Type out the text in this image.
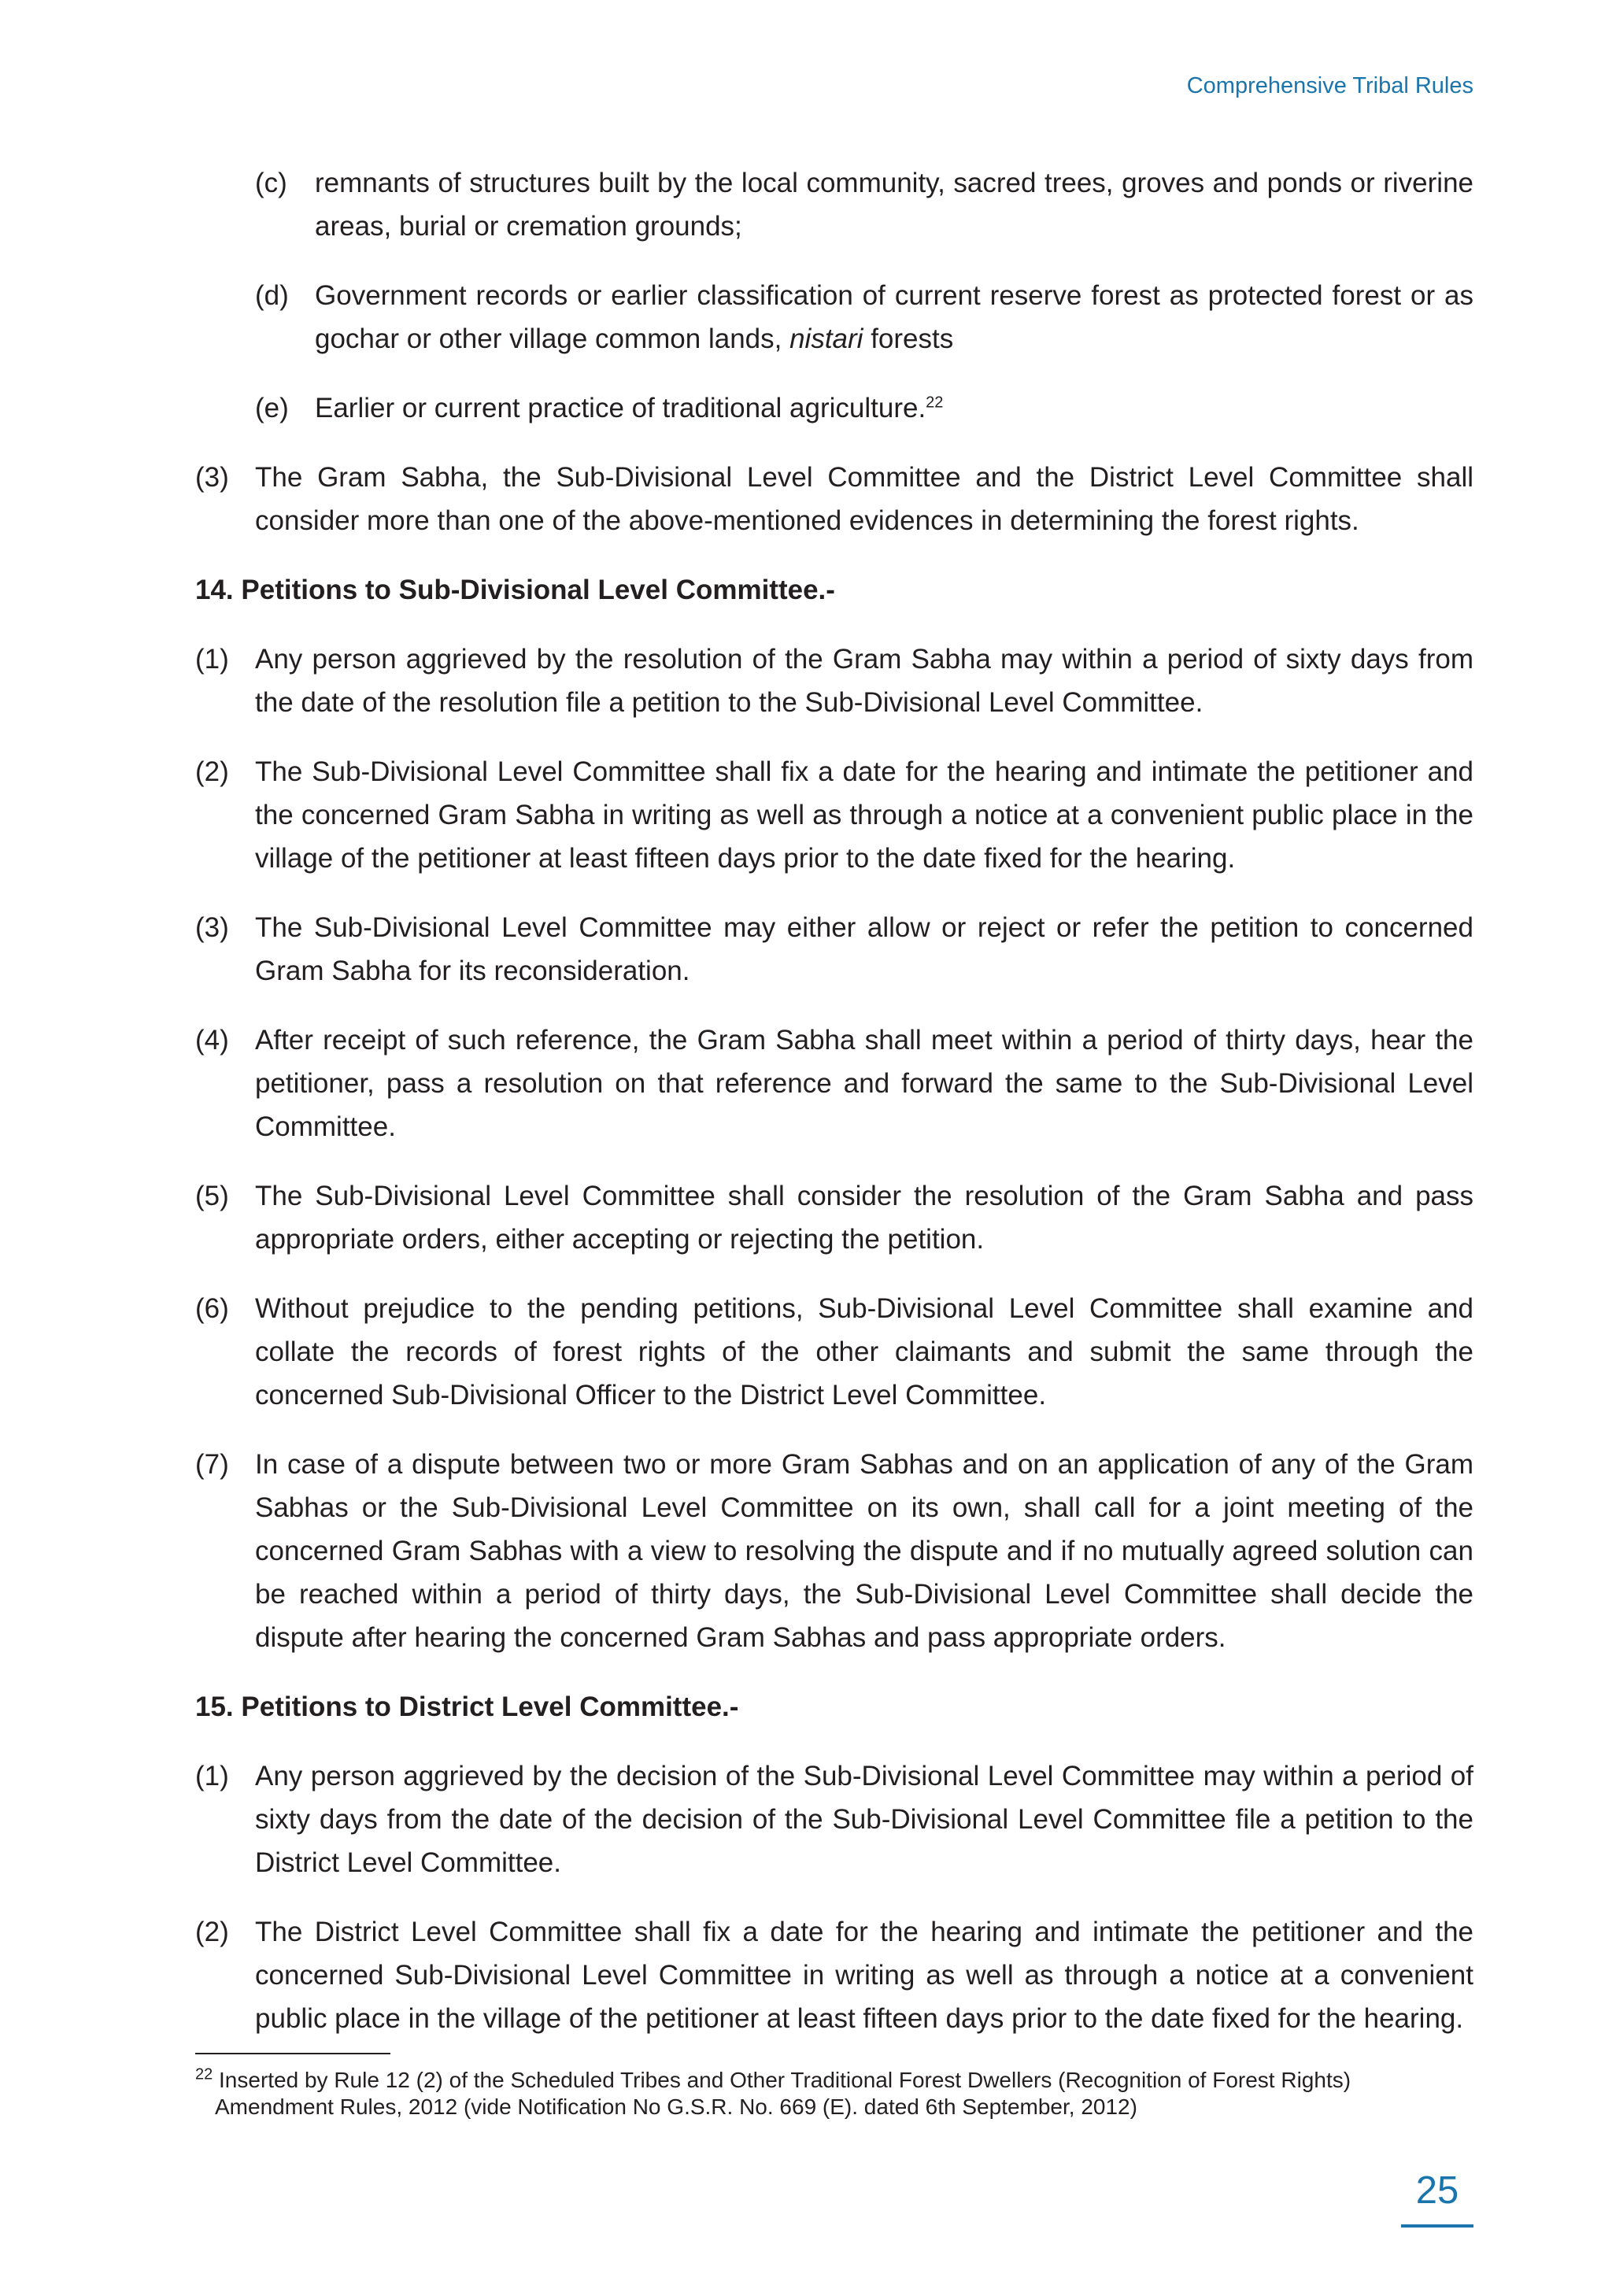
Comprehensive Tribal Rules
(c)	remnants of structures built by the local community, sacred trees, groves and ponds or riverine areas, burial or cremation grounds;
(d) Government records or earlier classification of current reserve forest as protected forest or as gochar or other village common lands, nistari forests
(e) Earlier or current practice of traditional agriculture.$^{22}$
(3) The Gram Sabha, the Sub-Divisional Level Committee and the District Level Committee shall consider more than one of the above-mentioned evidences in determining the forest rights.
14. Petitions to Sub-Divisional Level Committee.-
(1) Any person aggrieved by the resolution of the Gram Sabha may within a period of sixty days from the date of the resolution file a petition to the Sub-Divisional Level Committee.
(2) The Sub-Divisional Level Committee shall fix a date for the hearing and intimate the petitioner and the concerned Gram Sabha in writing as well as through a notice at a convenient public place in the village of the petitioner at least fifteen days prior to the date fixed for the hearing.
(3) The Sub-Divisional Level Committee may either allow or reject or refer the petition to concerned Gram Sabha for its reconsideration.
(4) After receipt of such reference, the Gram Sabha shall meet within a period of thirty days, hear the petitioner, pass a resolution on that reference and forward the same to the Sub-Divisional Level Committee.
(5) The Sub-Divisional Level Committee shall consider the resolution of the Gram Sabha and pass appropriate orders, either accepting or rejecting the petition.
(6) Without prejudice to the pending petitions, Sub-Divisional Level Committee shall examine and collate the records of forest rights of the other claimants and submit the same through the concerned Sub-Divisional Officer to the District Level Committee.
(7) In case of a dispute between two or more Gram Sabhas and on an application of any of the Gram Sabhas or the Sub-Divisional Level Committee on its own, shall call for a joint meeting of the concerned Gram Sabhas with a view to resolving the dispute and if no mutually agreed solution can be reached within a period of thirty days, the Sub-Divisional Level Committee shall decide the dispute after hearing the concerned Gram Sabhas and pass appropriate orders.
15. Petitions to District Level Committee.-
(1) Any person aggrieved by the decision of the Sub-Divisional Level Committee may within a period of sixty days from the date of the decision of the Sub-Divisional Level Committee file a petition to the District Level Committee.
(2) The District Level Committee shall fix a date for the hearing and intimate the petitioner and the concerned Sub-Divisional Level Committee in writing as well as through a notice at a convenient public place in the village of the petitioner at least fifteen days prior to the date fixed for the hearing.
$^{22}$ Inserted by Rule 12 (2) of the Scheduled Tribes and Other Traditional Forest Dwellers (Recognition of Forest Rights)
Amendment Rules, 2012 (vide Notification No G.S.R. No. 669 (E). dated 6th September, 2012)
25
